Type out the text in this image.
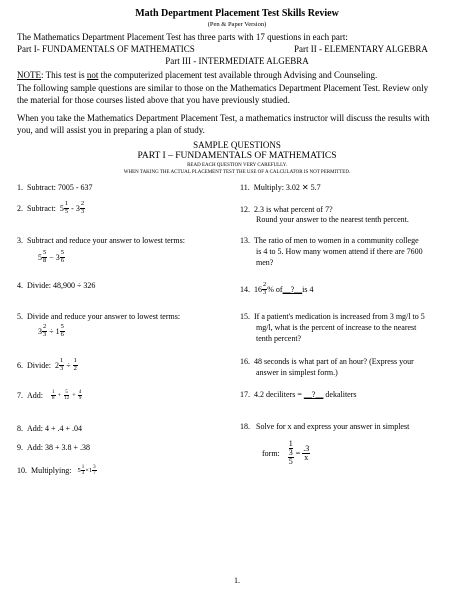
Math Department Placement Test Skills Review
(Pen & Paper Version)
The Mathematics Department Placement Test has three parts with 17 questions in each part:
Part I- FUNDAMENTALS OF MATHEMATICS	Part II - ELEMENTARY ALGEBRA
Part III - INTERMEDIATE ALGEBRA
NOTE: This test is not the computerized placement test available through Advising and Counseling.
The following sample questions are similar to those on the Mathematics Department Placement Test. Review only
the material for those courses listed above that you have previously studied.
When you take the Mathematics Department Placement Test, a mathematics instructor will discuss the results with
you, and will assist you in preparing a plan of study.
SAMPLE QUESTIONS
PART I – FUNDAMENTALS OF MATHEMATICS
READ EACH QUESTION VERY CAREFULLY.
WHEN TAKING THE ACTUAL PLACEMENT TEST THE USE OF A CALCULATOR IS NOT PERMITTED.
1. Subtract: 7005 - 637
2.
Subtract:
5 1
5
-
3 2
3
3. Subtract and reduce your answer to lowest terms:
5 5
8
−
3 5
6
4. Divide: 48,900 ÷ 326
5. Divide and reduce your answer to lowest terms:
$3 \frac{2}{3}$
÷
1 5
6
6.
Divide:
$2 \frac{1}{3}$
÷
$\frac{1}{2}$
7.
Add:
1
8
+
$\frac{5}{12}$
+
$\frac{4}{9}$
8. Add: 4 + .4 + .04
9. Add: 38 + 3.8 + .38
10.
Multiplying:
$5 \frac{1}{3} \times 1$ 3
7
11. Multiply: 3.02 ✕ 5.7
12. 2.3 is what percent of 7?
Round your answer to the nearest tenth percent.
13. The ratio of men to women in a community college
is 4 to 5. How many women attend if there are 7600
men?
14.
16 2
3 % of __?__ is 4
15. If a patient's medication is increased from 3 mg/l to 5
mg/l, what is the percent of increase to the nearest
tenth percent?
16. 48 seconds is what part of an hour? (Express your
answer in simplest form.)
17. 4.2 deciliters = __?__ dekaliters
18. Solve for x and express your answer in simplest
form:
1
3
5
=
$\frac{.3}{x}$
1.
